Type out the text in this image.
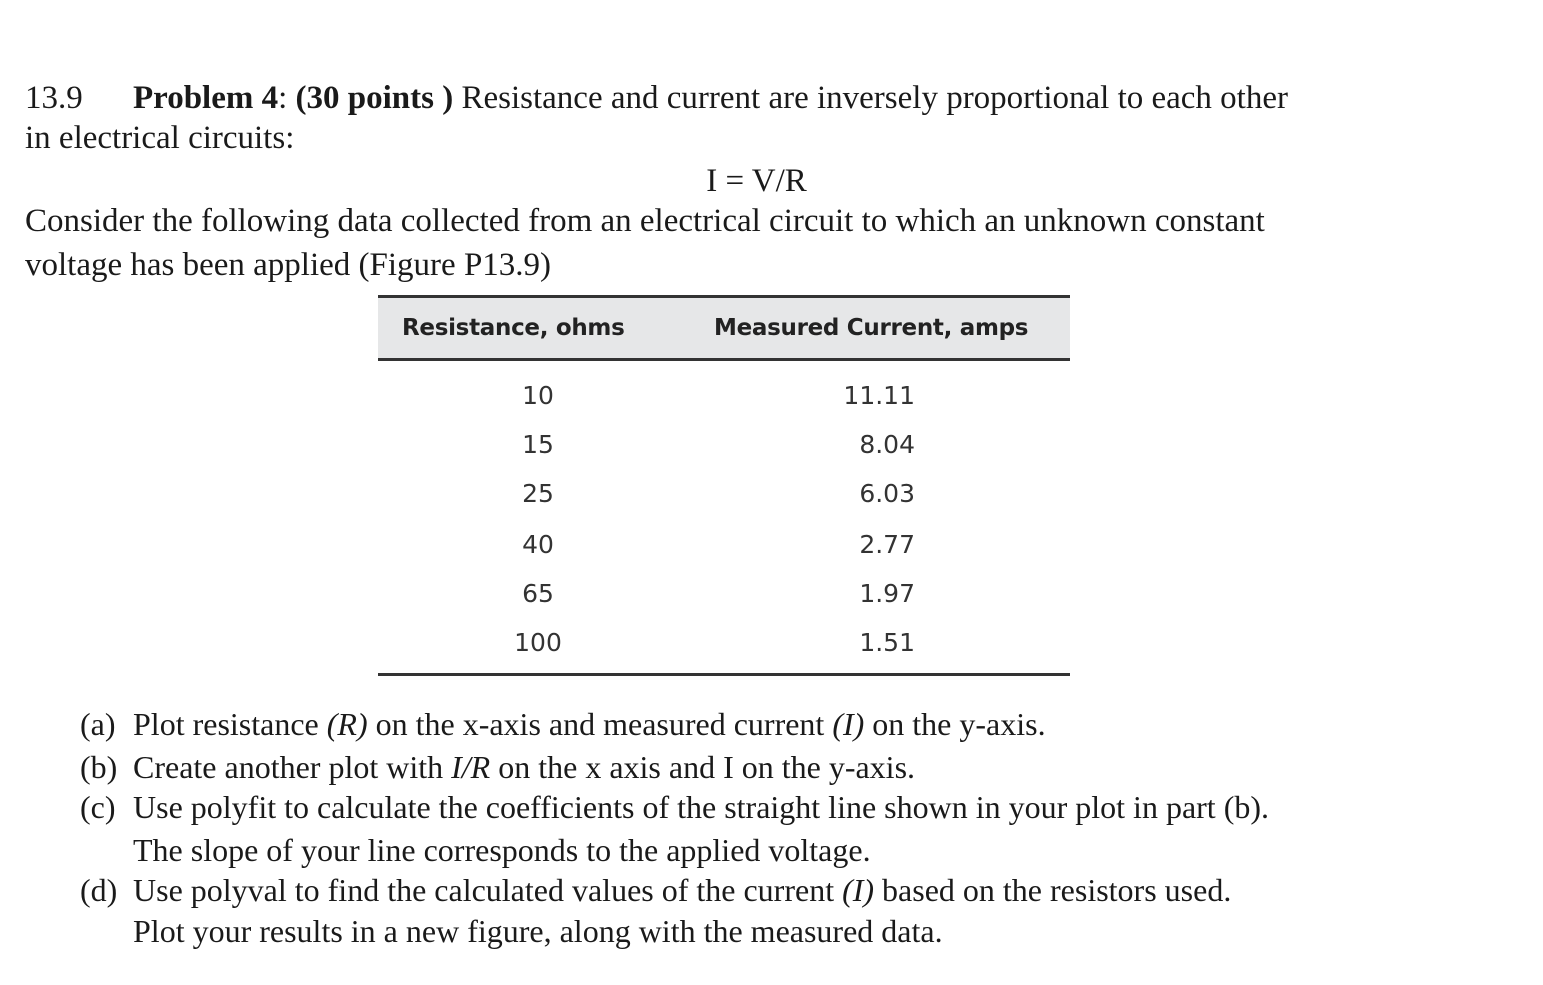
13.9 Problem 4: (30 points ) Resistance and current are inversely proportional to each other
in electrical circuits:
I = V/R
Consider the following data collected from an electrical circuit to which an unknown constant
voltage has been applied (Figure P13.9)
Resistance, ohms	Measured Current, amps
10	11.11
15	8.04
25	6.03
40	2.77
65	1.97
100	1.51
(a) Plot resistance (R) on the x-axis and measured current (I) on the y-axis.
(b) Create another plot with I/R on the x axis and I on the y-axis.
(c) Use polyfit to calculate the coefficients of the straight line shown in your plot in part (b).
The slope of your line corresponds to the applied voltage.
(d) Use polyval to find the calculated values of the current (I) based on the resistors used.
Plot your results in a new figure, along with the measured data.
